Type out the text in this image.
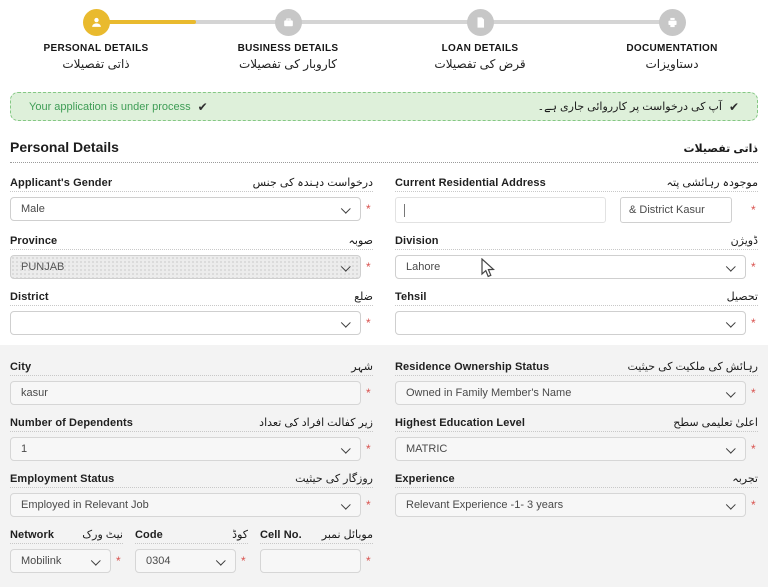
PERSONAL DETAILS
ذاتی تفصیلات
BUSINESS DETAILS
کاروبار کی تفصیلات
LOAN DETAILS
قرض کی تفصیلات
DOCUMENTATION
دستاویزات
Your application is under process ✔	آپ کی درخواست پر کارروائی جاری ہے۔ ✔
Personal Details	ذاتی تفصیلات
Applicant's Gender	درخواست دہندہ کی جنس
Male	*
Current Residential Address	موجودہ رہائشی پتہ
& District Kasur	*
Province	صوبہ
PUNJAB	*
Division	ڈویژن
Lahore	*
District	ضلع
*
Tehsil	تحصیل
*
City	شہر
kasur	*
Residence Ownership Status	رہائش کی ملکیت کی حیثیت
Owned in Family Member's Name	*
Number of Dependents	زیر کفالت افراد کی تعداد
1	*
Highest Education Level	اعلیٰ تعلیمی سطح
MATRIC	*
Employment Status	روزگار کی حیثیت
Employed in Relevant Job	*
Experience	تجربہ
Relevant Experience -1- 3 years	*
Network	نیٹ ورک
Mobilink	*
Code	کوڈ
0304	*
Cell No. موبائل نمبر
*
